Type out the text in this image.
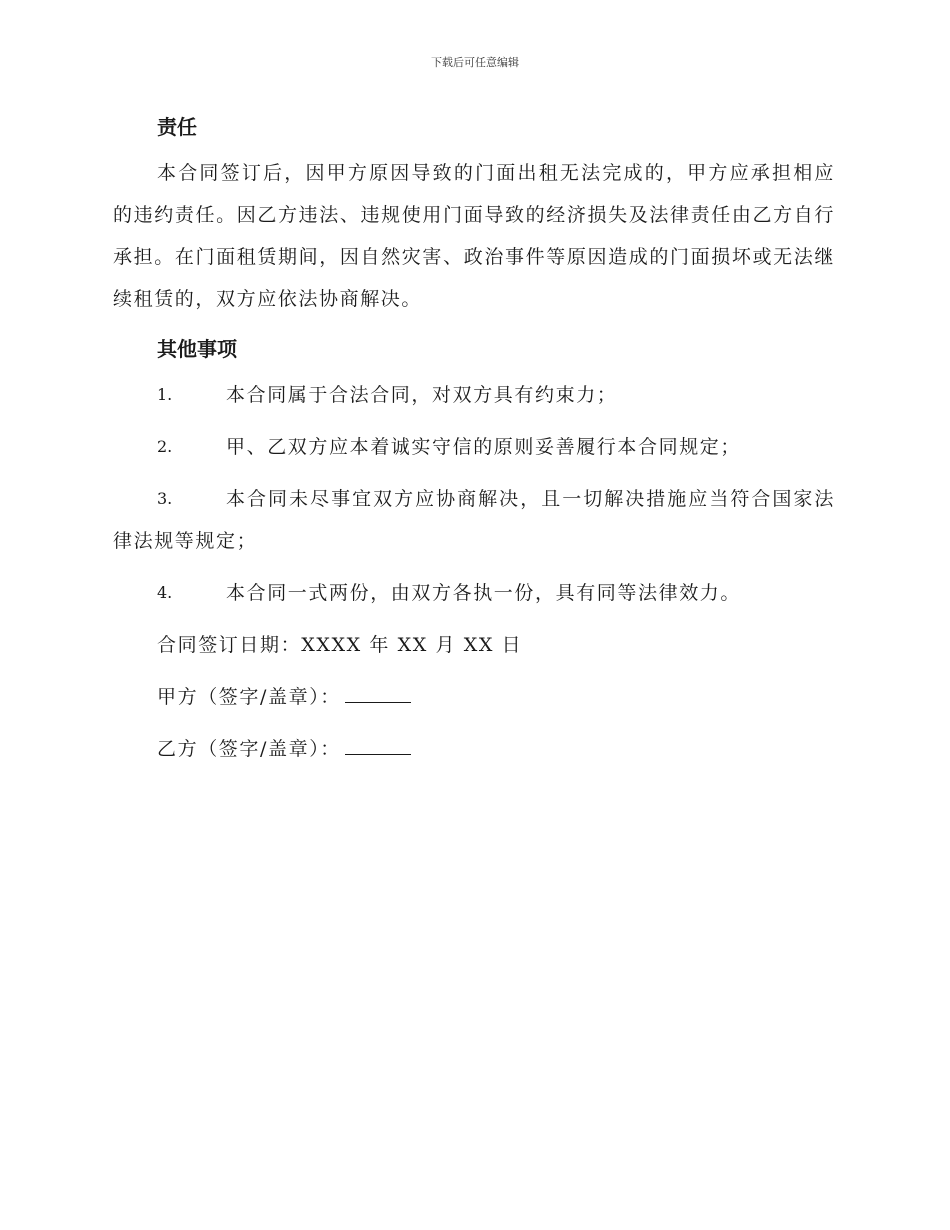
下载后可任意编辑
责任

本合同签订后，因甲方原因导致的门面出租无法完成的，甲方应承担相应的违约责任。因乙方违法、违规使用门面导致的经济损失及法律责任由乙方自行承担。在门面租赁期间，因自然灾害、政治事件等原因造成的门面损坏或无法继续租赁的，双方应依法协商解决。

其他事项
1.	本合同属于合法合同，对双方具有约束力；
2.	甲、乙双方应本着诚实守信的原则妥善履行本合同规定；
3.	本合同未尽事宜双方应协商解决，且一切解决措施应当符合国家法律法规等规定；
4.	本合同一式两份，由双方各执一份，具有同等法律效力。
合同签订日期：XXXX 年 XX 月 XX 日
甲方（签字/盖章）：
乙方（签字/盖章）：
